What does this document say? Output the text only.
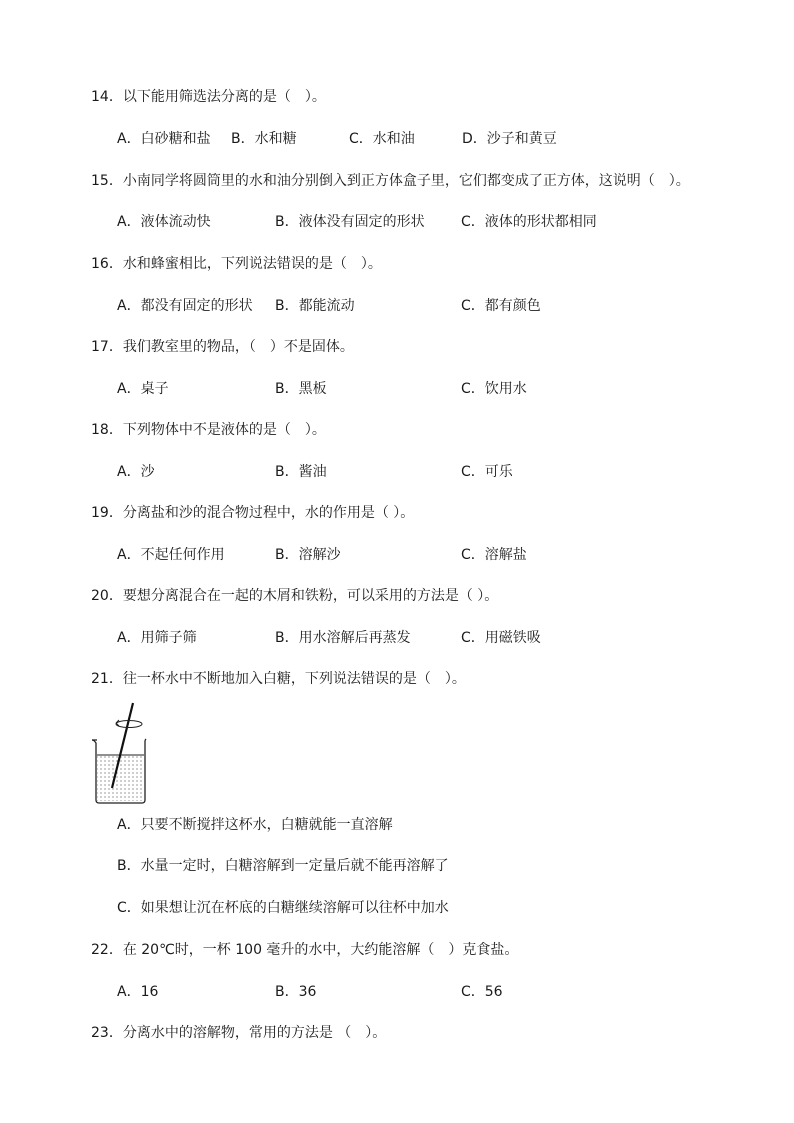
14．以下能用筛选法分离的是（　）。
A．白砂糖和盐 B．水和糖	C．水和油	D．沙子和黄豆
15．小南同学将圆筒里的水和油分别倒入到正方体盒子里，它们都变成了正方体，这说明（　）。
A．液体流动快	B．液体没有固定的形状	C．液体的形状都相同
16．水和蜂蜜相比，下列说法错误的是（　）。
A．都没有固定的形状 B．都能流动	C．都有颜色
17．我们教室里的物品，（　）不是固体。
A．桌子	B．黑板	C．饮用水
18．下列物体中不是液体的是（　）。
A．沙	B．酱油	C．可乐
19．分离盐和沙的混合物过程中，水的作用是（ ）。
A．不起任何作用	B．溶解沙	C．溶解盐
20．要想分离混合在一起的木屑和铁粉，可以采用的方法是（ ）。
A．用筛子筛	B．用水溶解后再蒸发	C．用磁铁吸
21．往一杯水中不断地加入白糖，下列说法错误的是（　）。
A．只要不断搅拌这杯水，白糖就能一直溶解
B．水量一定时，白糖溶解到一定量后就不能再溶解了
C．如果想让沉在杯底的白糖继续溶解可以往杯中加水
22．在 20℃时，一杯 100 毫升的水中，大约能溶解（　）克食盐。
A．16	B．36	C．56
23．分离水中的溶解物，常用的方法是 （　）。
